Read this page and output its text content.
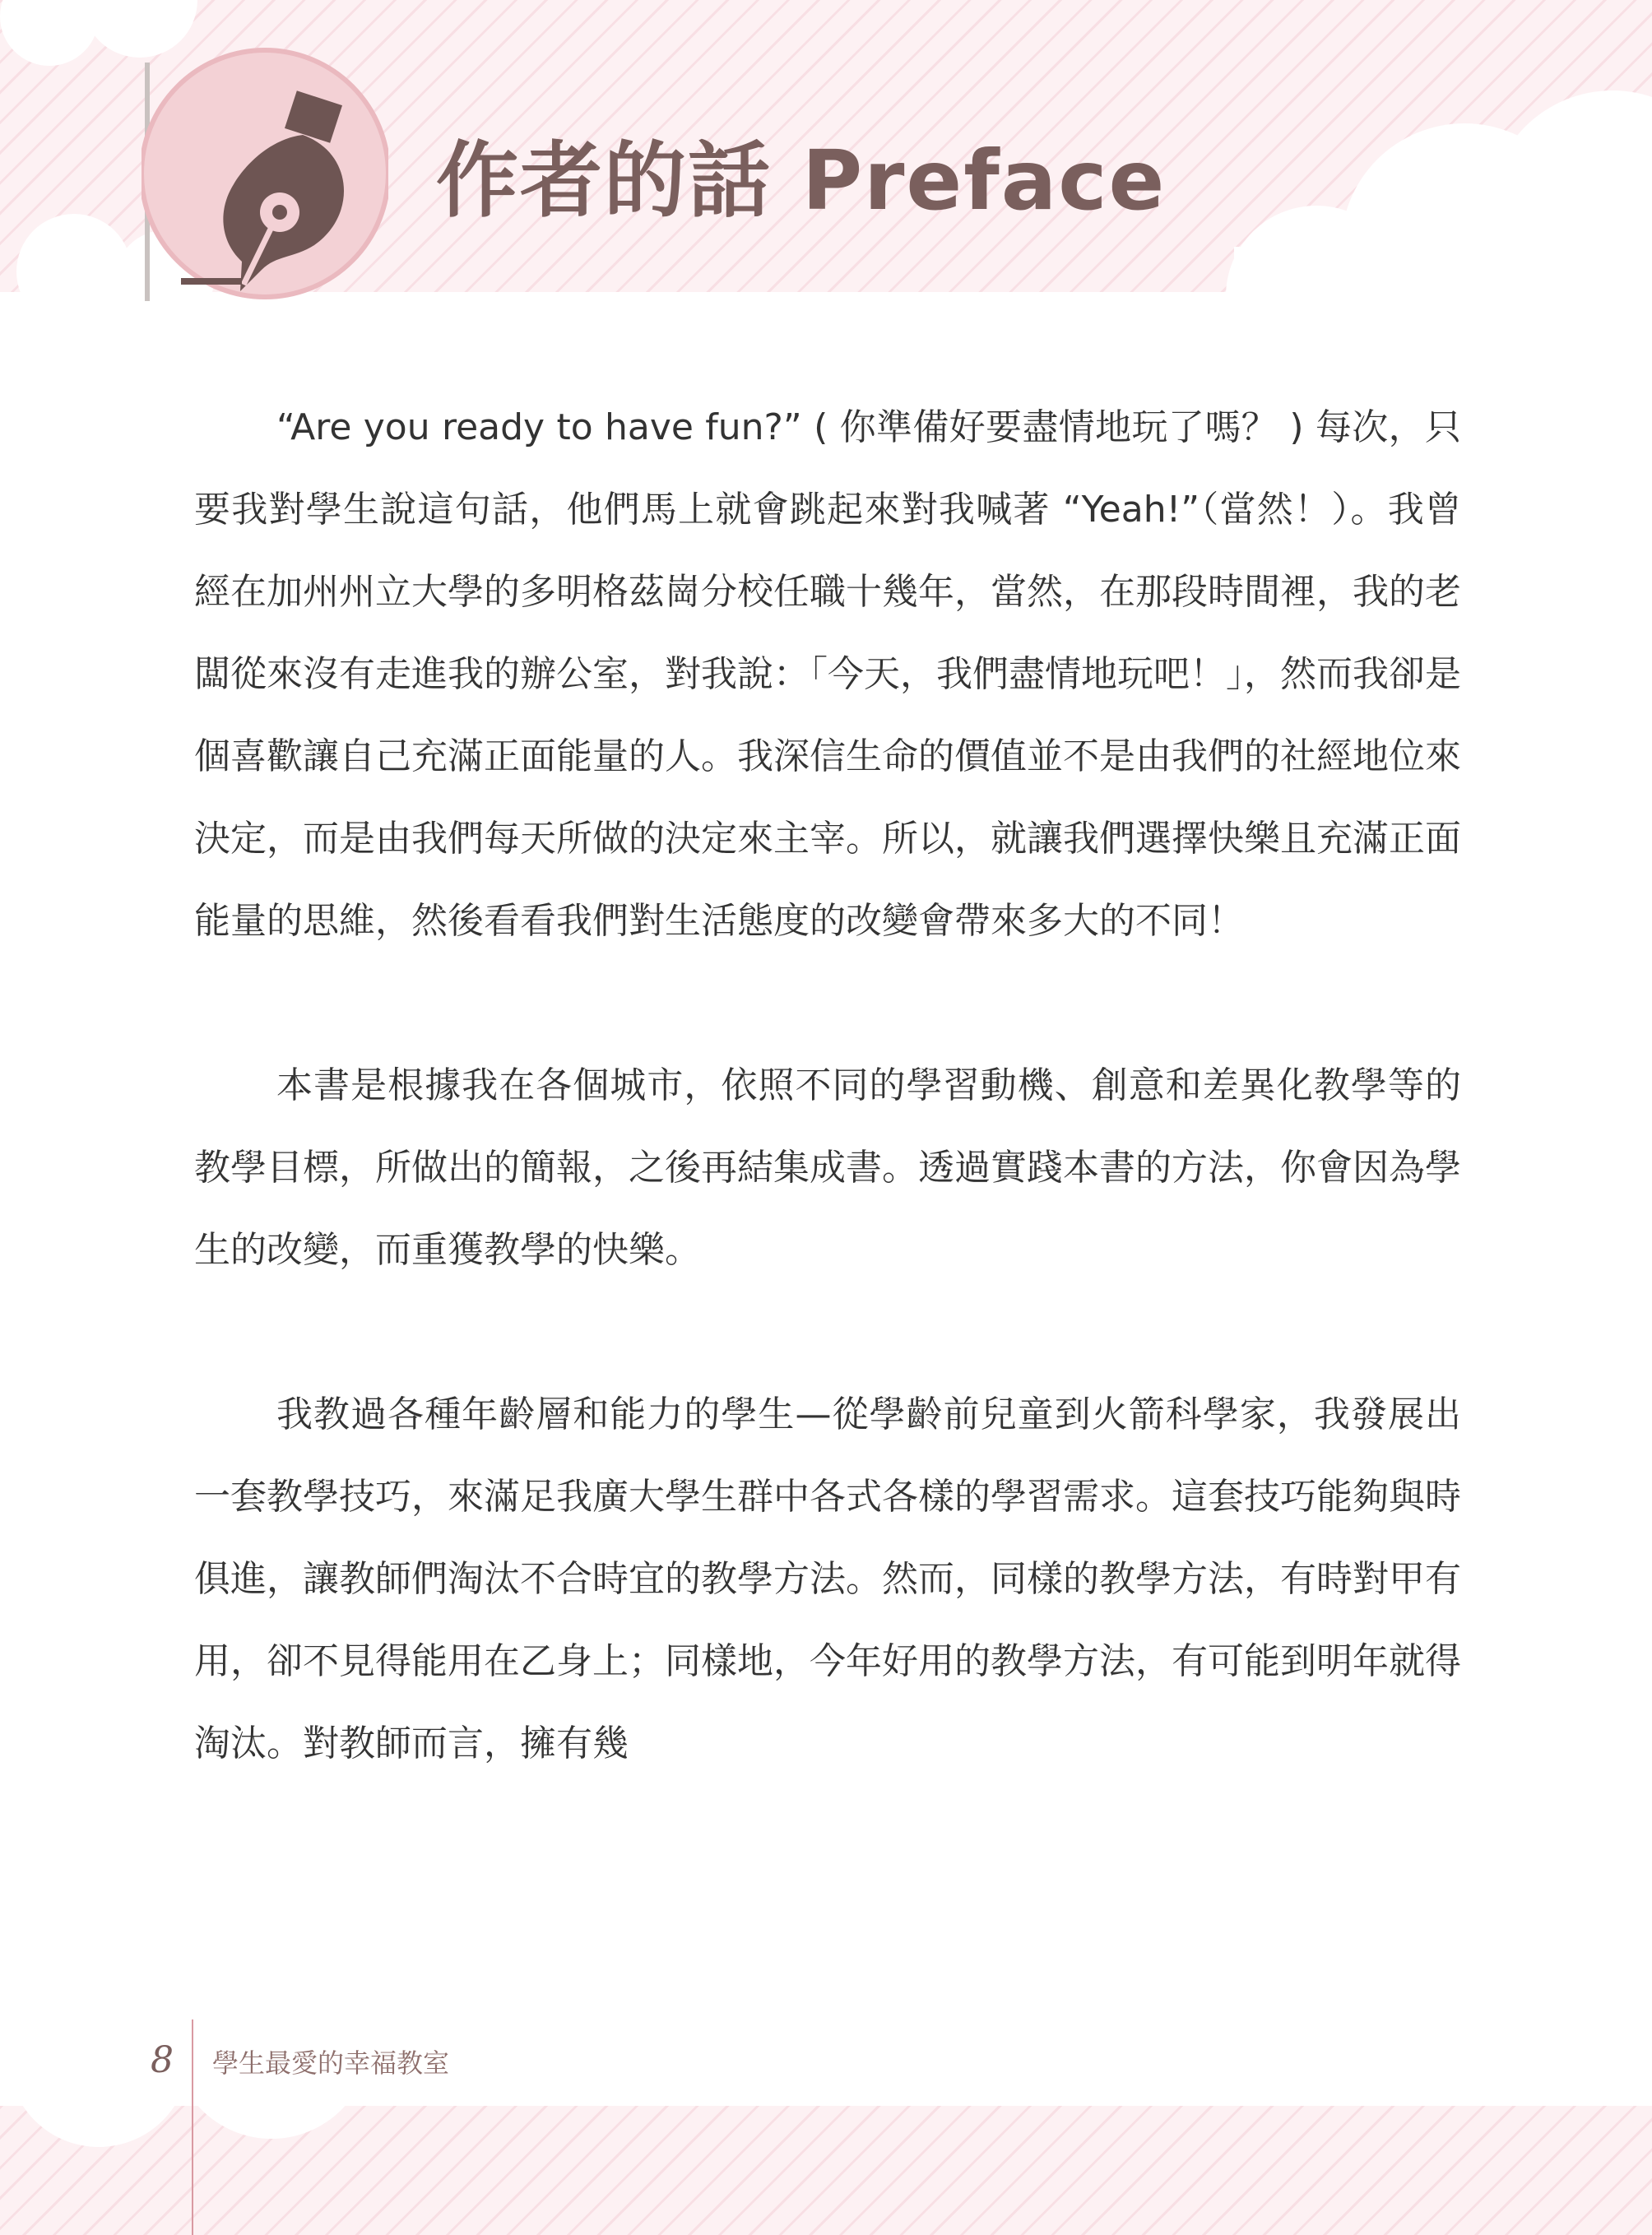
作者的話 Preface

“Are you ready to have fun?” ( 你準備好要盡情地玩了嗎？ ) 每次，只要我對學生說這句話，他們馬上就會跳起來對我喊著 “Yeah!”（當然！）。我曾經在加州州立大學的多明格茲崗分校任職十幾年，當然，在那段時間裡，我的老闆從來沒有走進我的辦公室，對我說：「今天，我們盡情地玩吧！」，然而我卻是個喜歡讓自己充滿正面能量的人。我深信生命的價值並不是由我們的社經地位來決定，而是由我們每天所做的決定來主宰。所以，就讓我們選擇快樂且充滿正面能量的思維，然後看看我們對生活態度的改變會帶來多大的不同！

本書是根據我在各個城市，依照不同的學習動機、創意和差異化教學等的教學目標，所做出的簡報，之後再結集成書。透過實踐本書的方法，你會因為學生的改變，而重獲教學的快樂。

我教過各種年齡層和能力的學生—從學齡前兒童到火箭科學家，我發展出一套教學技巧，來滿足我廣大學生群中各式各樣的學習需求。這套技巧能夠與時俱進，讓教師們淘汰不合時宜的教學方法。然而，同樣的教學方法，有時對甲有用，卻不見得能用在乙身上；同樣地，今年好用的教學方法，有可能到明年就得淘汰。對教師而言，擁有幾

8 學生最愛的幸福教室
